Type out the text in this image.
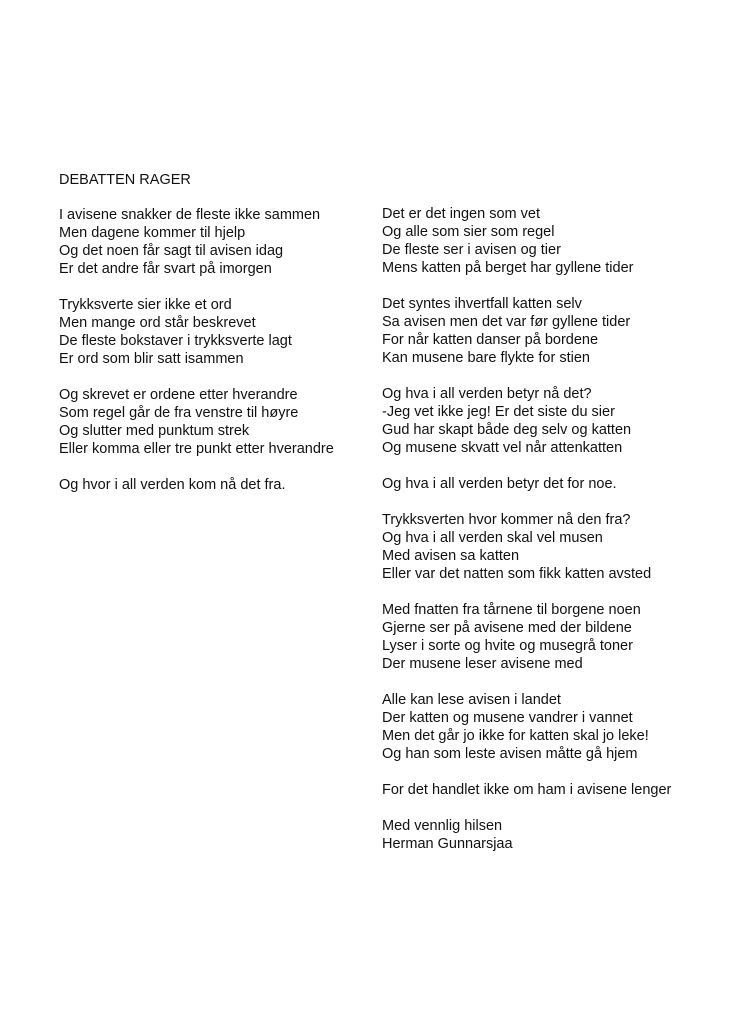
DEBATTEN RAGER
I avisene snakker de fleste ikke sammen
Men dagene kommer til hjelp
Og det noen får sagt til avisen idag
Er det andre får svart på imorgen
Trykksverte sier ikke et ord
Men mange ord står beskrevet
De fleste bokstaver i trykksverte lagt
Er ord som blir satt isammen
Og skrevet er ordene etter hverandre
Som regel går de fra venstre til høyre
Og slutter med punktum strek
Eller komma eller tre punkt etter hverandre
Og hvor i all verden kom nå det fra.
Det er det ingen som vet
Og alle som sier som regel
De fleste ser i avisen og tier
Mens katten på berget har gyllene tider
Det syntes ihvertfall katten selv
Sa avisen men det var før gyllene tider
For når katten danser på bordene
Kan musene bare flykte for stien
Og hva i all verden betyr nå det?
-Jeg vet ikke jeg! Er det siste du sier
Gud har skapt både deg selv og katten
Og musene skvatt vel når attenkatten
Og hva i all verden betyr det for noe.
Trykksverten hvor kommer nå den fra?
Og hva i all verden skal vel musen
Med avisen sa katten
Eller var det natten som fikk katten avsted
Med fnatten fra tårnene til borgene noen
Gjerne ser på avisene med der bildene
Lyser i sorte og hvite og musegrå toner
Der musene leser avisene med
Alle kan lese avisen i landet
Der katten og musene vandrer i vannet
Men det går jo ikke for katten skal jo leke!
Og han som leste avisen måtte gå hjem
For det handlet ikke om ham i avisene lenger
Med vennlig hilsen
Herman Gunnarsjaa
